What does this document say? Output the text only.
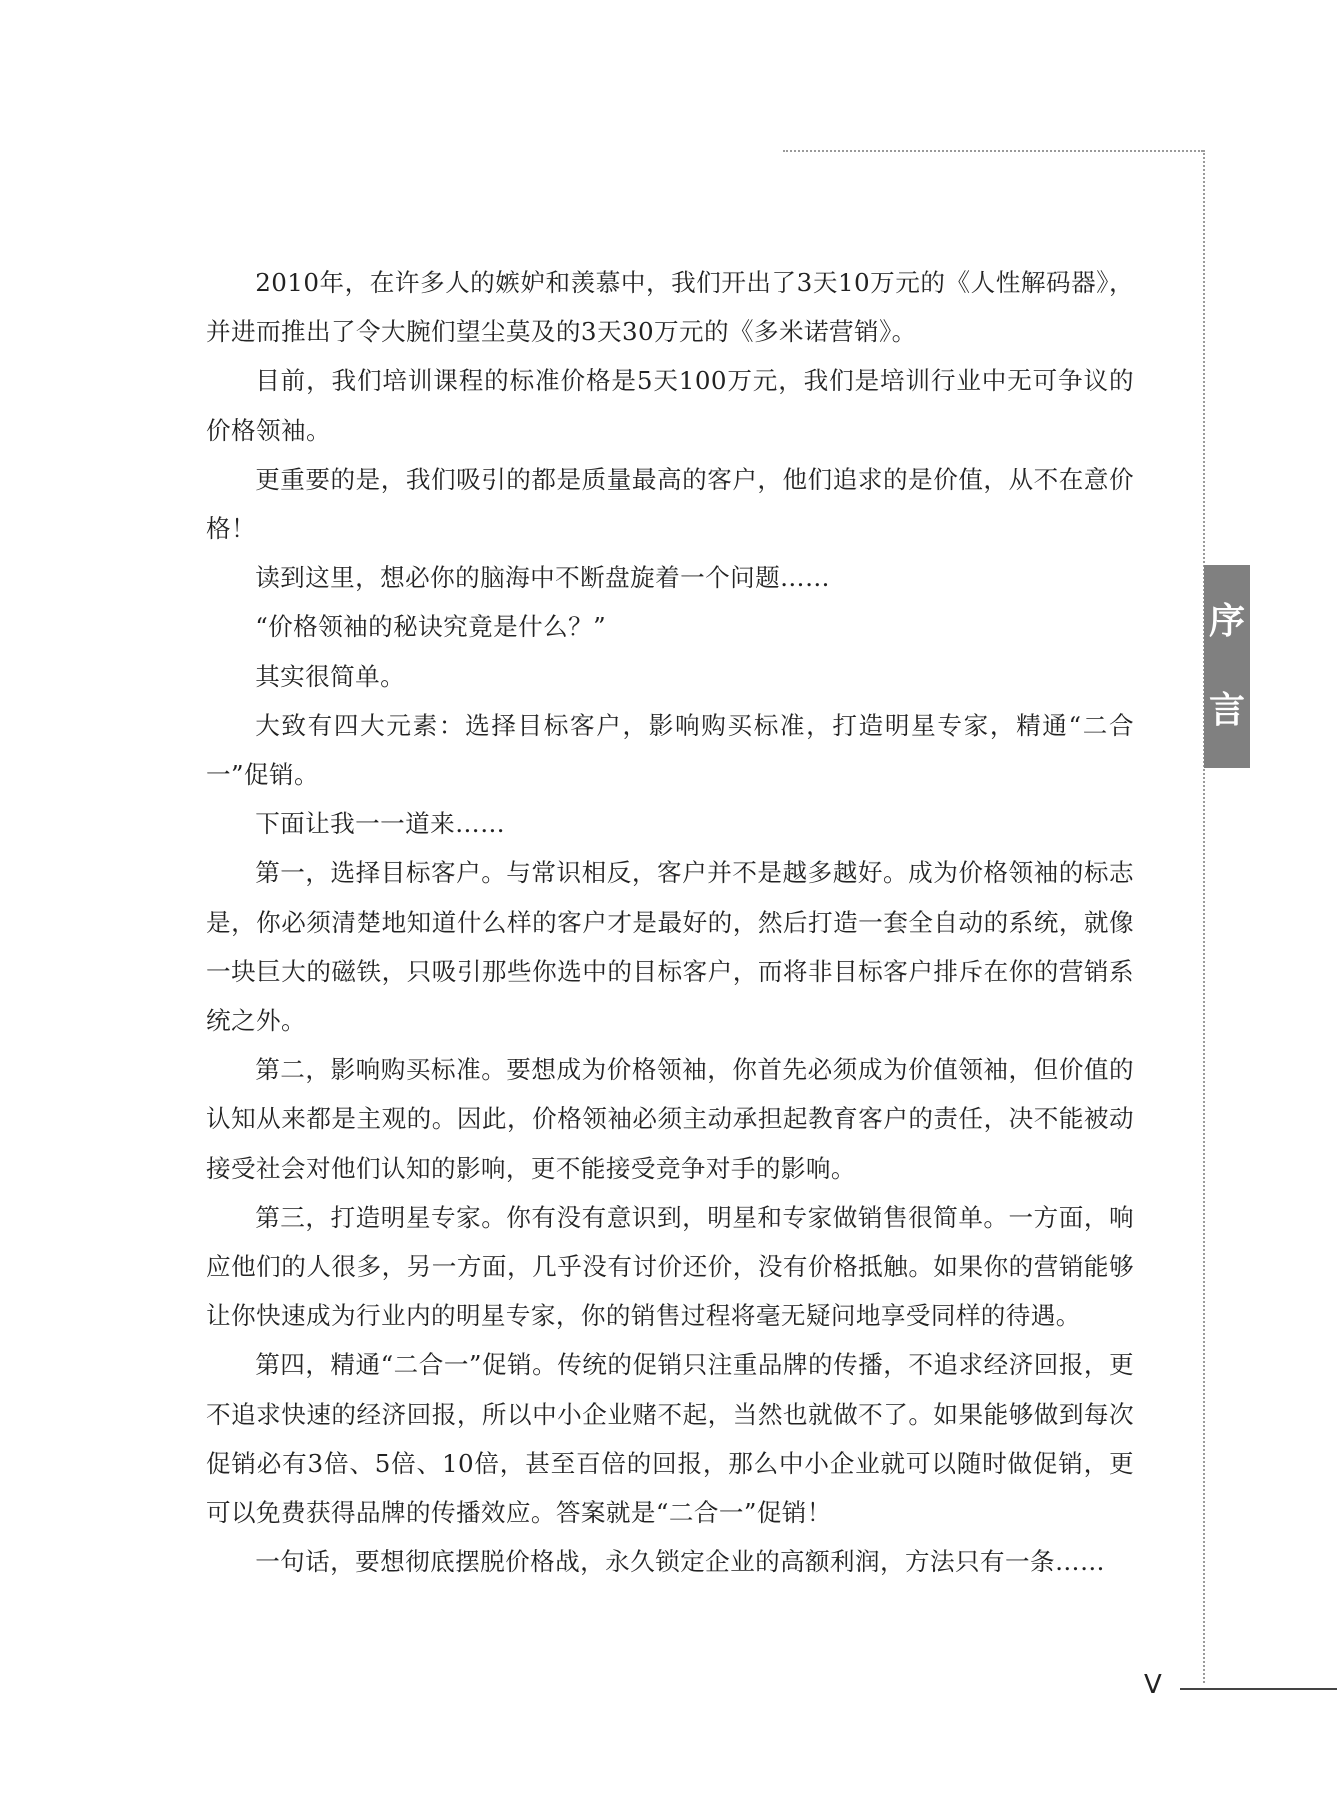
序
言

2010年，在许多人的嫉妒和羡慕中，我们开出了3天10万元的《人性解码器》，并进而推出了令大腕们望尘莫及的3天30万元的《多米诺营销》。

目前，我们培训课程的标准价格是5天100万元，我们是培训行业中无可争议的价格领袖。

更重要的是，我们吸引的都是质量最高的客户，他们追求的是价值，从不在意价格！

读到这里，想必你的脑海中不断盘旋着一个问题……

“价格领袖的秘诀究竟是什么？”

其实很简单。

大致有四大元素：选择目标客户，影响购买标准，打造明星专家，精通“二合一”促销。

下面让我一一道来……

第一，选择目标客户。与常识相反，客户并不是越多越好。成为价格领袖的标志是，你必须清楚地知道什么样的客户才是最好的，然后打造一套全自动的系统，就像一块巨大的磁铁，只吸引那些你选中的目标客户，而将非目标客户排斥在你的营销系统之外。

第二，影响购买标准。要想成为价格领袖，你首先必须成为价值领袖，但价值的认知从来都是主观的。因此，价格领袖必须主动承担起教育客户的责任，决不能被动接受社会对他们认知的影响，更不能接受竞争对手的影响。

第三，打造明星专家。你有没有意识到，明星和专家做销售很简单。一方面，响应他们的人很多，另一方面，几乎没有讨价还价，没有价格抵触。如果你的营销能够让你快速成为行业内的明星专家，你的销售过程将毫无疑问地享受同样的待遇。

第四，精通“二合一”促销。传统的促销只注重品牌的传播，不追求经济回报，更不追求快速的经济回报，所以中小企业赌不起，当然也就做不了。如果能够做到每次促销必有3倍、5倍、10倍，甚至百倍的回报，那么中小企业就可以随时做促销，更可以免费获得品牌的传播效应。答案就是“二合一”促销！

一句话，要想彻底摆脱价格战，永久锁定企业的高额利润，方法只有一条……

V
